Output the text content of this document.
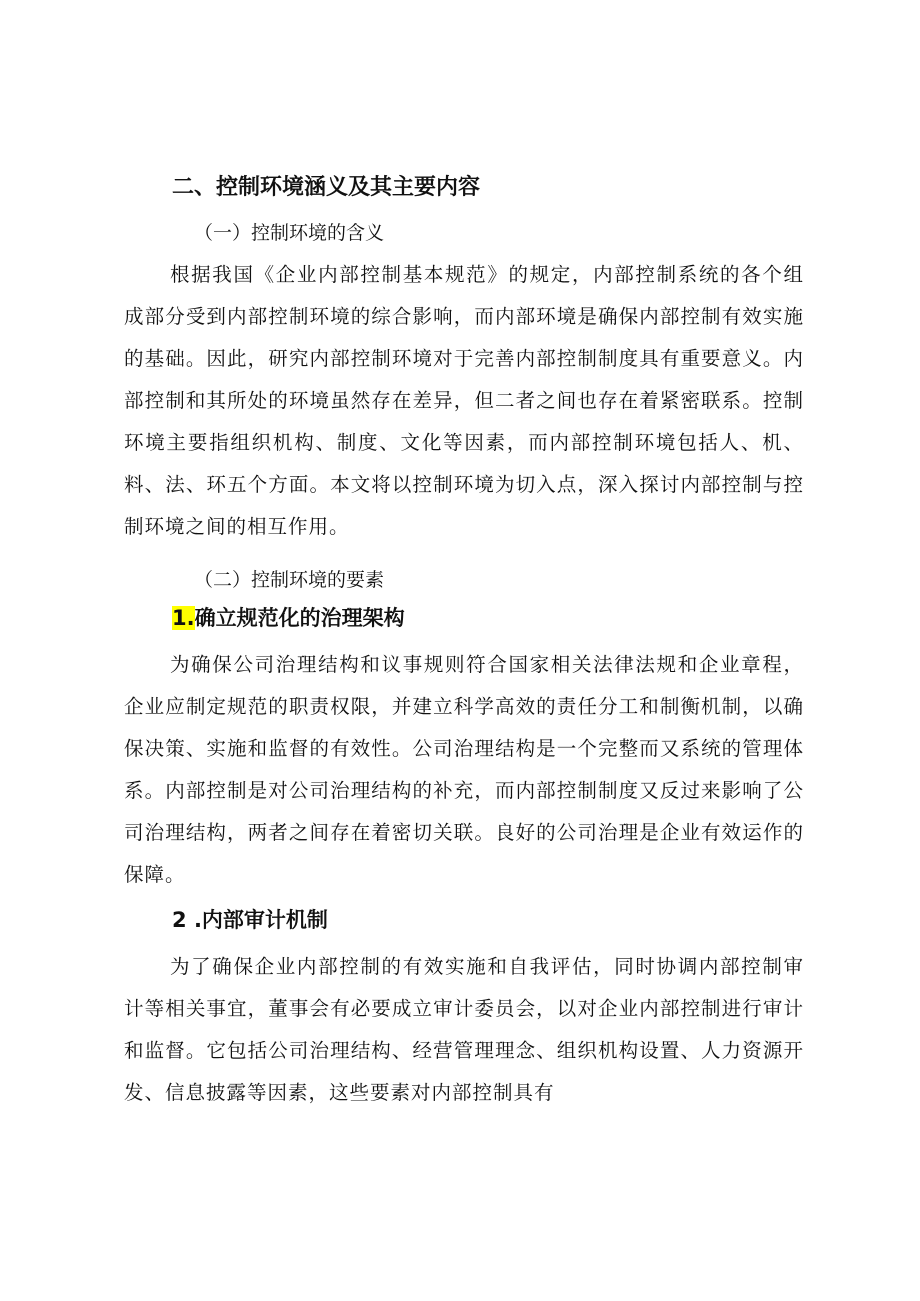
二、控制环境涵义及其主要内容

（一）控制环境的含义

根据我国《企业内部控制基本规范》的规定，内部控制系统的各个组成部分受到内部控制环境的综合影响，而内部环境是确保内部控制有效实施的基础。因此，研究内部控制环境对于完善内部控制制度具有重要意义。内部控制和其所处的环境虽然存在差异，但二者之间也存在着紧密联系。控制环境主要指组织机构、制度、文化等因素，而内部控制环境包括人、机、料、法、环五个方面。本文将以控制环境为切入点，深入探讨内部控制与控制环境之间的相互作用。

（二）控制环境的要素

1.确立规范化的治理架构

为确保公司治理结构和议事规则符合国家相关法律法规和企业章程，企业应制定规范的职责权限，并建立科学高效的责任分工和制衡机制，以确保决策、实施和监督的有效性。公司治理结构是一个完整而又系统的管理体系。内部控制是对公司治理结构的补充，而内部控制制度又反过来影响了公司治理结构，两者之间存在着密切关联。良好的公司治理是企业有效运作的保障。

2 .内部审计机制

为了确保企业内部控制的有效实施和自我评估，同时协调内部控制审计等相关事宜，董事会有必要成立审计委员会，以对企业内部控制进行审计和监督。它包括公司治理结构、经营管理理念、组织机构设置、人力资源开发、信息披露等因素，这些要素对内部控制具有
